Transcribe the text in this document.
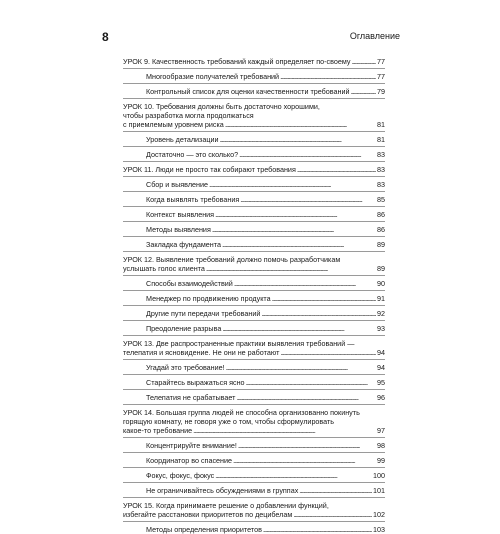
8	Оглавление
УРОК 9. Качественность требований каждый определяет по-своему . . .	77
Многообразие получателей требований . . .	77
Контрольный список для оценки качественности требований . . .	79
УРОК 10. Требования должны быть достаточно хорошими,
чтобы разработка могла продолжаться
с приемлемым уровнем риска . . .	81
Уровень детализации . . .	81
Достаточно — это сколько? . . .	83
УРОК 11. Люди не просто так собирают требования . . .	83
Сбор и выявление . . .	83
Когда выявлять требования . . .	85
Контекст выявления . . .	86
Методы выявления . . .	86
Закладка фундамента . . .	89
УРОК 12. Выявление требований должно помочь разработчикам
услышать голос клиента . . .	89
Способы взаимодействий . . .	90
Менеджер по продвижению продукта . . .	91
Другие пути передачи требований . . .	92
Преодоление разрыва . . .	93
УРОК 13. Две распространенные практики выявления требований —
телепатия и ясновидение. Не они не работают . . .	94
Угадай это требование! . . .	94
Старайтесь выражаться ясно . . .	95
Телепатия не срабатывает . . .	96
УРОК 14. Большая группа людей не способна организованно покинуть
горящую комнату, не говоря уже о том, чтобы сформулировать
какое-то требование . . .	97
Концентрируйте внимание! . . .	98
Координатор во спасение . . .	99
Фокус, фокус, фокус . . .	100
Не ограничивайтесь обсуждениями в группах . . .	101
УРОК 15. Когда принимаете решение о добавлении функций,
избегайте расстановки приоритетов по децибелам . . .	102
Методы определения приоритетов . . .	103
